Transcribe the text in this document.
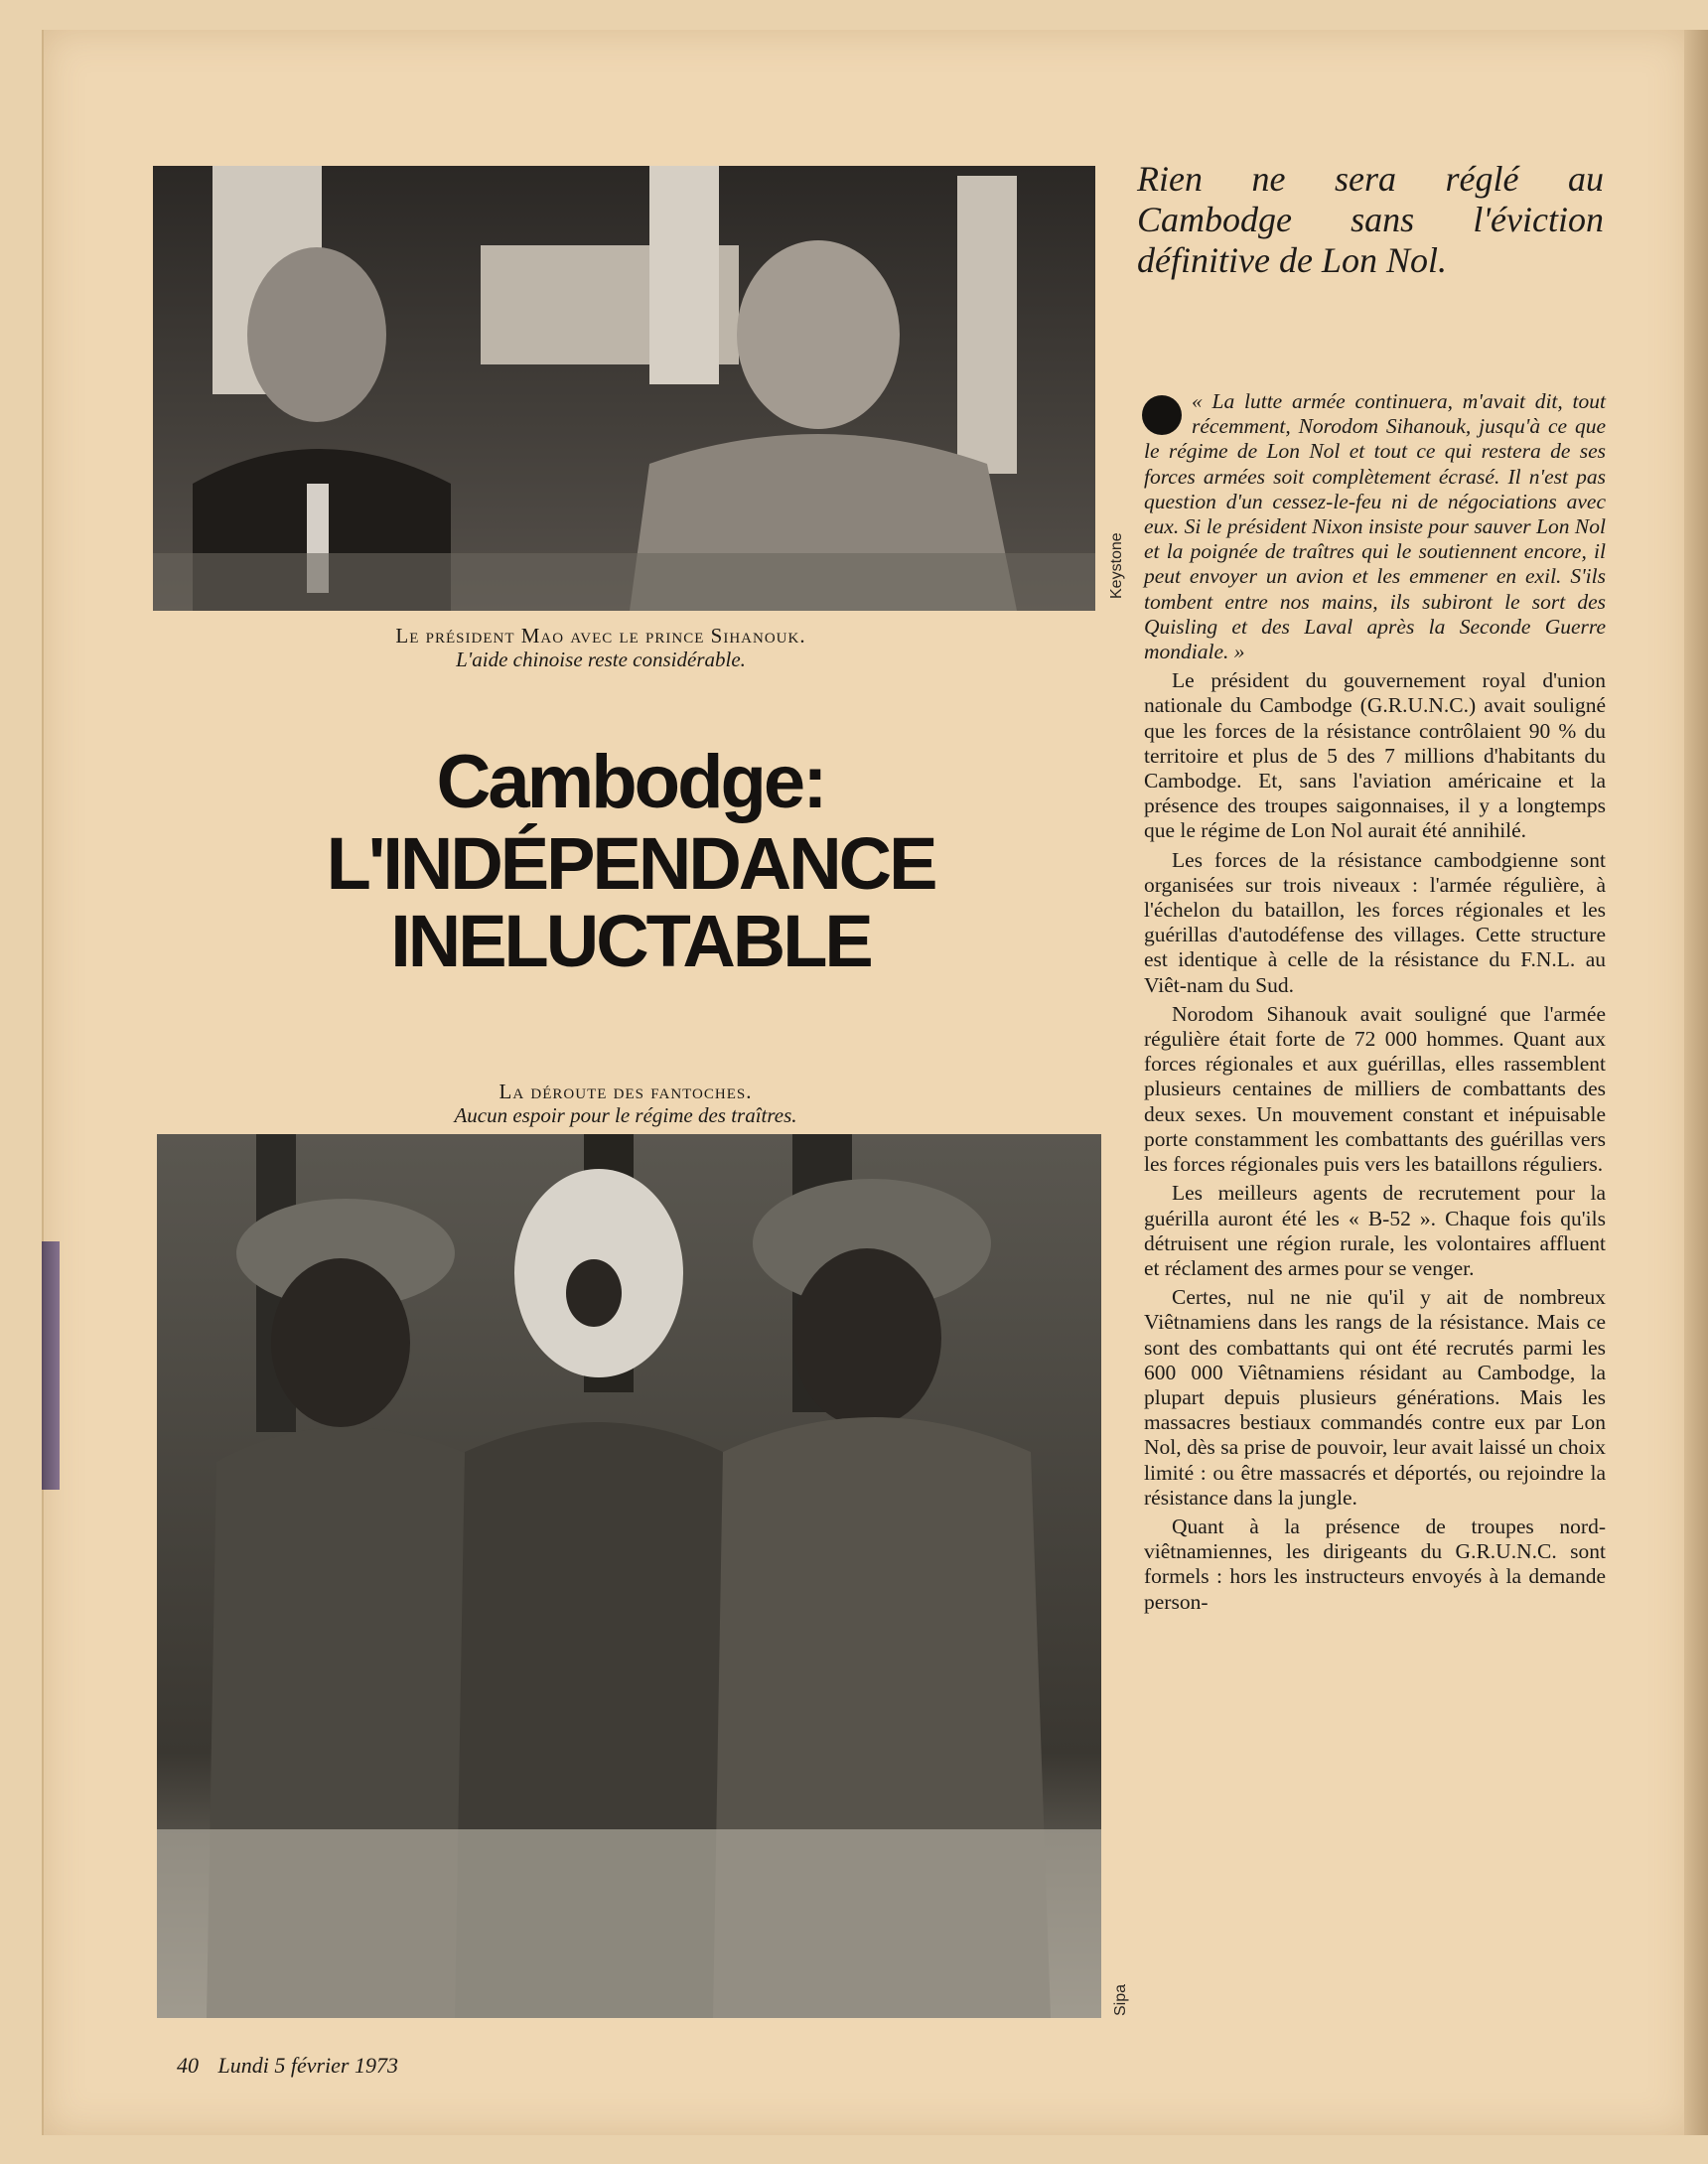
Keystone
Le président Mao avec le prince Sihanouk.
L'aide chinoise reste considérable.
Cambodge:
L'INDÉPENDANCE
INELUCTABLE
La déroute des fantoches.
Aucun espoir pour le régime des traîtres.
Sipa
Rien ne sera réglé au Cambodge sans l'éviction définitive de Lon Nol.

« La lutte armée continuera, m'avait dit, tout récemment, Norodom Sihanouk, jusqu'à ce que le régime de Lon Nol et tout ce qui restera de ses forces armées soit complètement écrasé. Il n'est pas question d'un cessez-le-feu ni de négociations avec eux. Si le président Nixon insiste pour sauver Lon Nol et la poignée de traîtres qui le soutiennent encore, il peut envoyer un avion et les emmener en exil. S'ils tombent entre nos mains, ils subiront le sort des Quisling et des Laval après la Seconde Guerre mondiale. »

Le président du gouvernement royal d'union nationale du Cambodge (G.R.U.N.C.) avait souligné que les forces de la résistance contrôlaient 90 % du territoire et plus de 5 des 7 millions d'habitants du Cambodge. Et, sans l'aviation américaine et la présence des troupes saigonnaises, il y a longtemps que le régime de Lon Nol aurait été annihilé.

Les forces de la résistance cambodgienne sont organisées sur trois niveaux : l'armée régulière, à l'échelon du bataillon, les forces régionales et les guérillas d'autodéfense des villages. Cette structure est identique à celle de la résistance du F.N.L. au Viêt-nam du Sud.

Norodom Sihanouk avait souligné que l'armée régulière était forte de 72 000 hommes. Quant aux forces régionales et aux guérillas, elles rassemblent plusieurs centaines de milliers de combattants des deux sexes. Un mouvement constant et inépuisable porte constamment les combattants des guérillas vers les forces régionales puis vers les bataillons réguliers.

Les meilleurs agents de recrutement pour la guérilla auront été les « B-52 ». Chaque fois qu'ils détruisent une région rurale, les volontaires affluent et réclament des armes pour se venger.

Certes, nul ne nie qu'il y ait de nombreux Viêtnamiens dans les rangs de la résistance. Mais ce sont des combattants qui ont été recrutés parmi les 600 000 Viêtnamiens résidant au Cambodge, la plupart depuis plusieurs générations. Mais les massacres bestiaux commandés contre eux par Lon Nol, dès sa prise de pouvoir, leur avait laissé un choix limité : ou être massacrés et déportés, ou rejoindre la résistance dans la jungle.

Quant à la présence de troupes nord-viêtnamiennes, les dirigeants du G.R.U.N.C. sont formels : hors les instructeurs envoyés à la demande person-

40 Lundi 5 février 1973
